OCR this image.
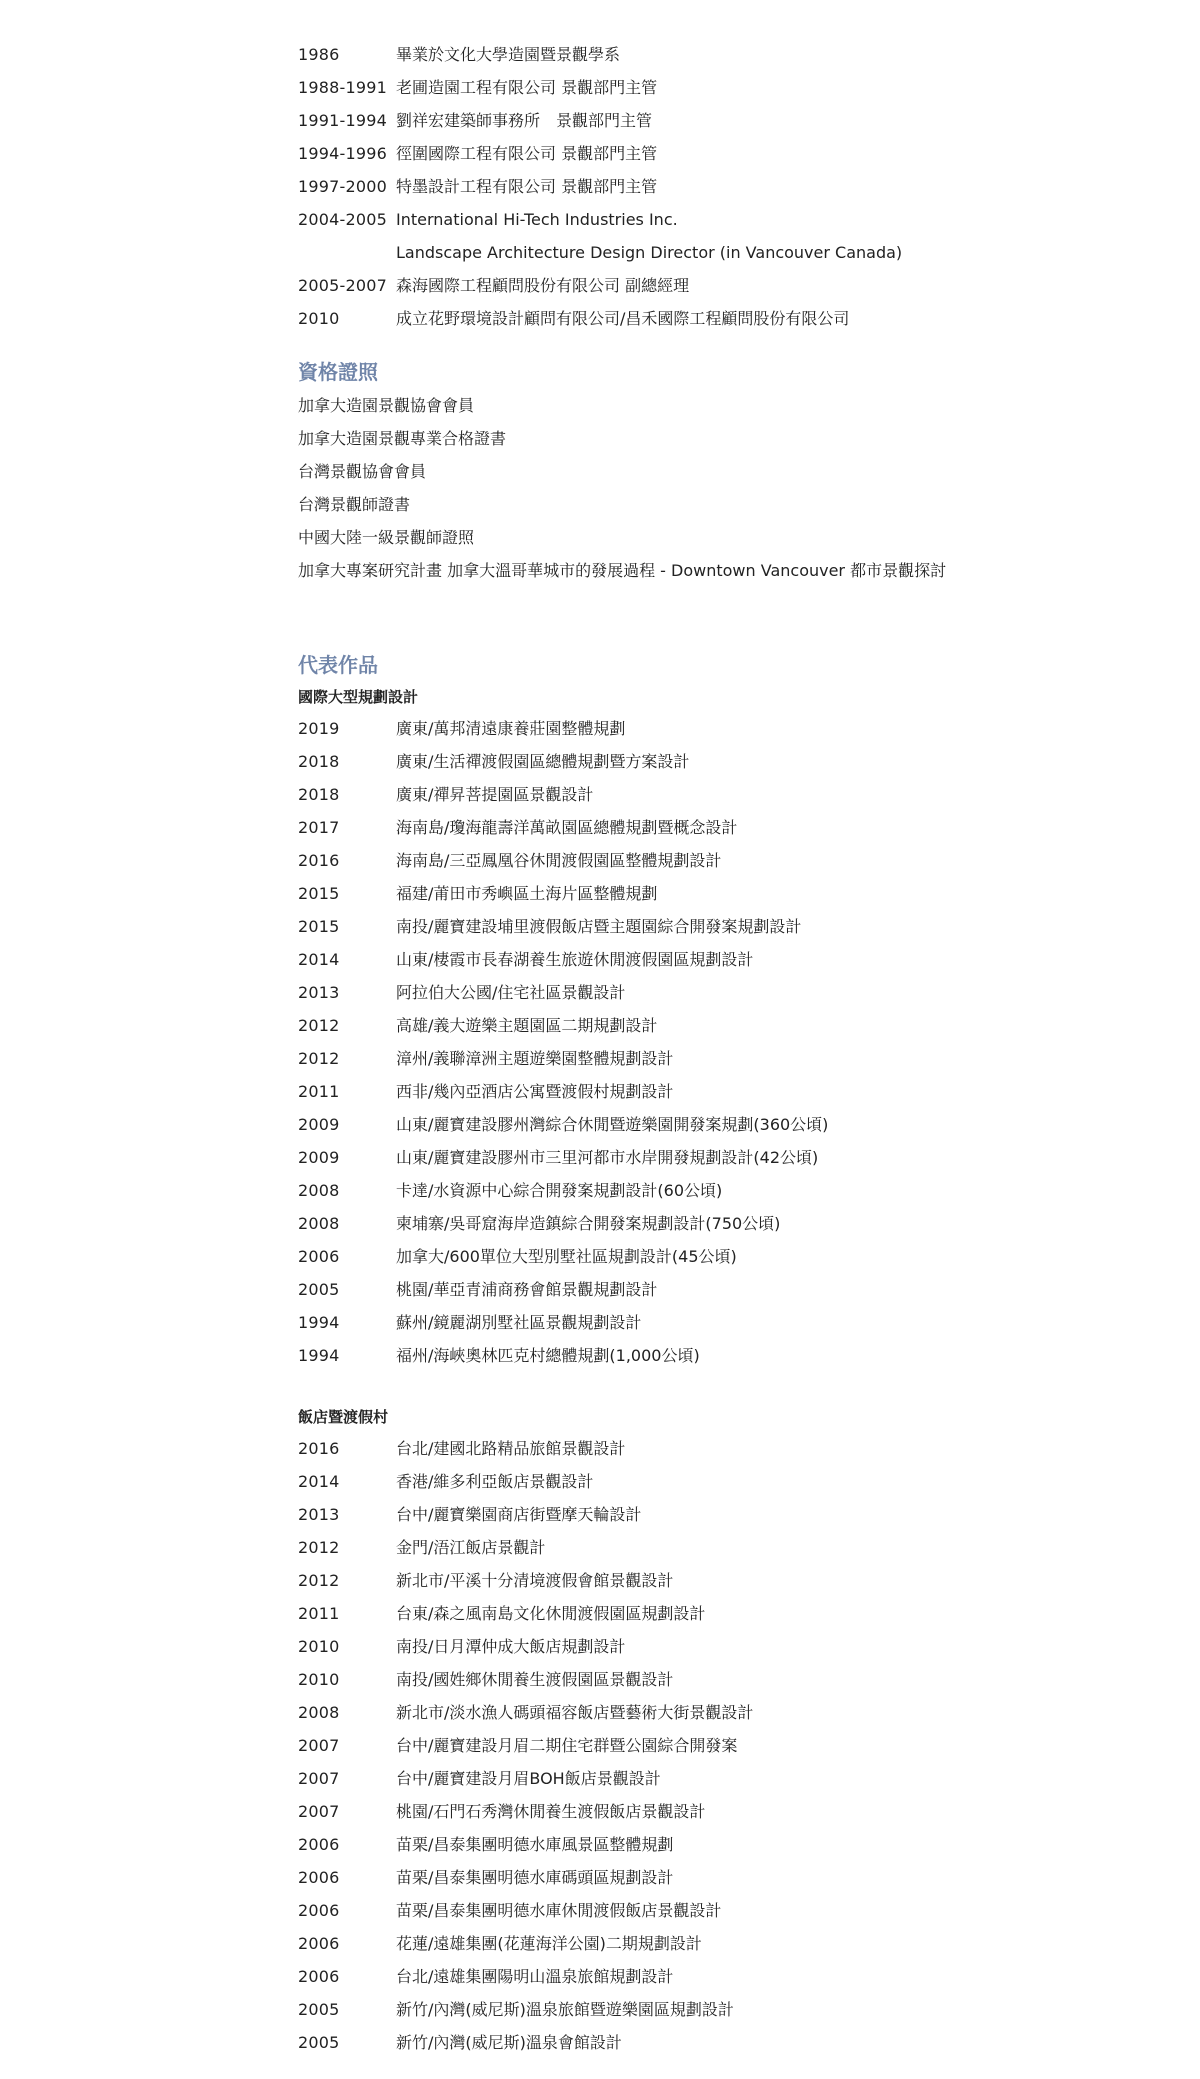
1986	畢業於文化大學造園暨景觀學系
1988-1991 老圃造園工程有限公司 景觀部門主管
1991-1994 劉祥宏建築師事務所　景觀部門主管
1994-1996 徑圍國際工程有限公司 景觀部門主管
1997-2000 特墨設計工程有限公司 景觀部門主管
2004-2005 International Hi-Tech Industries Inc.
Landscape Architecture Design Director (in Vancouver Canada)
2005-2007 森海國際工程顧問股份有限公司 副總經理
2010	成立花野環境設計顧問有限公司/昌禾國際工程顧問股份有限公司
資格證照
加拿大造園景觀協會會員
加拿大造園景觀專業合格證書
台灣景觀協會會員
台灣景觀師證書
中國大陸一級景觀師證照
加拿大專案研究計畫 加拿大溫哥華城市的發展過程 - Downtown Vancouver 都市景觀探討
代表作品
國際大型規劃設計
2019	廣東/萬邦清遠康養莊園整體規劃
2018	廣東/生活禪渡假園區總體規劃暨方案設計
2018	廣東/禪昇菩提園區景觀設計
2017	海南島/瓊海龍壽洋萬畝園區總體規劃暨概念設計
2016	海南島/三亞鳳凰谷休閒渡假園區整體規劃設計
2015	福建/莆田市秀嶼區土海片區整體規劃
2015	南投/麗寶建設埔里渡假飯店暨主題園綜合開發案規劃設計
2014	山東/棲霞市長春湖養生旅遊休閒渡假園區規劃設計
2013	阿拉伯大公國/住宅社區景觀設計
2012	高雄/義大遊樂主題園區二期規劃設計
2012	漳州/義聯漳洲主題遊樂園整體規劃設計
2011	西非/幾內亞酒店公寓暨渡假村規劃設計
2009	山東/麗寶建設膠州灣綜合休閒暨遊樂園開發案規劃(360公頃)
2009	山東/麗寶建設膠州市三里河都市水岸開發規劃設計(42公頃)
2008	卡達/水資源中心綜合開發案規劃設計(60公頃)
2008	柬埔寨/吳哥窟海岸造鎮綜合開發案規劃設計(750公頃)
2006	加拿大/600單位大型別墅社區規劃設計(45公頃)
2005	桃園/華亞青浦商務會館景觀規劃設計
1994	蘇州/鏡麗湖別墅社區景觀規劃設計
1994	福州/海峽奧林匹克村總體規劃(1,000公頃)
飯店暨渡假村
2016	台北/建國北路精品旅館景觀設計
2014	香港/維多利亞飯店景觀設計
2013	台中/麗寶樂園商店街暨摩天輪設計
2012	金門/浯江飯店景觀計
2012	新北市/平溪十分清境渡假會館景觀設計
2011	台東/森之風南島文化休閒渡假園區規劃設計
2010	南投/日月潭仲成大飯店規劃設計
2010	南投/國姓鄉休閒養生渡假園區景觀設計
2008	新北市/淡水漁人碼頭福容飯店暨藝術大街景觀設計
2007	台中/麗寶建設月眉二期住宅群暨公園綜合開發案
2007	台中/麗寶建設月眉BOH飯店景觀設計
2007	桃園/石門石秀灣休閒養生渡假飯店景觀設計
2006	苗栗/昌泰集團明德水庫風景區整體規劃
2006	苗栗/昌泰集團明德水庫碼頭區規劃設計
2006	苗栗/昌泰集團明德水庫休閒渡假飯店景觀設計
2006	花蓮/遠雄集團(花蓮海洋公園)二期規劃設計
2006	台北/遠雄集團陽明山溫泉旅館規劃設計
2005	新竹/內灣(威尼斯)溫泉旅館暨遊樂園區規劃設計
2005	新竹/內灣(威尼斯)溫泉會館設計
